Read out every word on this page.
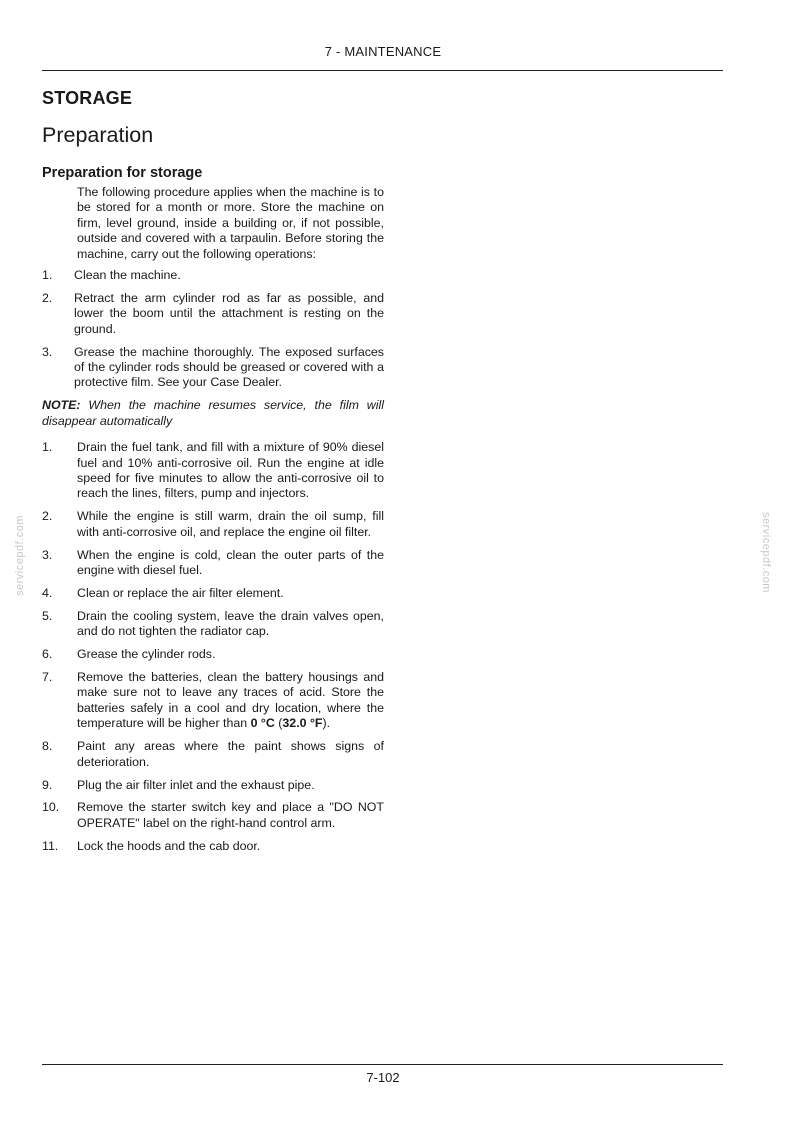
7 - MAINTENANCE
servicepdf.com	servicepdf.com
STORAGE
Preparation
Preparation for storage
The following procedure applies when the machine is to be stored for a month or more. Store the machine on firm, level ground, inside a building or, if not possible, outside and covered with a tarpaulin. Before storing the machine, carry out the following operations:
1.	Clean the machine.
2.	Retract the arm cylinder rod as far as possible, and lower the boom until the attachment is resting on the ground.
3.	Grease the machine thoroughly. The exposed surfaces of the cylinder rods should be greased or covered with a protective film. See your Case Dealer.
NOTE: When the machine resumes service, the film will disappear automatically
1.	Drain the fuel tank, and fill with a mixture of 90% diesel fuel and 10% anti-corrosive oil. Run the engine at idle speed for five minutes to allow the anti-corrosive oil to reach the lines, filters, pump and injectors.
2.	While the engine is still warm, drain the oil sump, fill with anti-corrosive oil, and replace the engine oil filter.
3.	When the engine is cold, clean the outer parts of the engine with diesel fuel.
4.	Clean or replace the air filter element.
5.	Drain the cooling system, leave the drain valves open, and do not tighten the radiator cap.
6.	Grease the cylinder rods.
7.	Remove the batteries, clean the battery housings and make sure not to leave any traces of acid. Store the batteries safely in a cool and dry location, where the temperature will be higher than 0 °C (32.0 °F).
8.	Paint any areas where the paint shows signs of deterioration.
9.	Plug the air filter inlet and the exhaust pipe.
10.	Remove the starter switch key and place a "DO NOT OPERATE" label on the right-hand control arm.
11.	Lock the hoods and the cab door.
7-102
